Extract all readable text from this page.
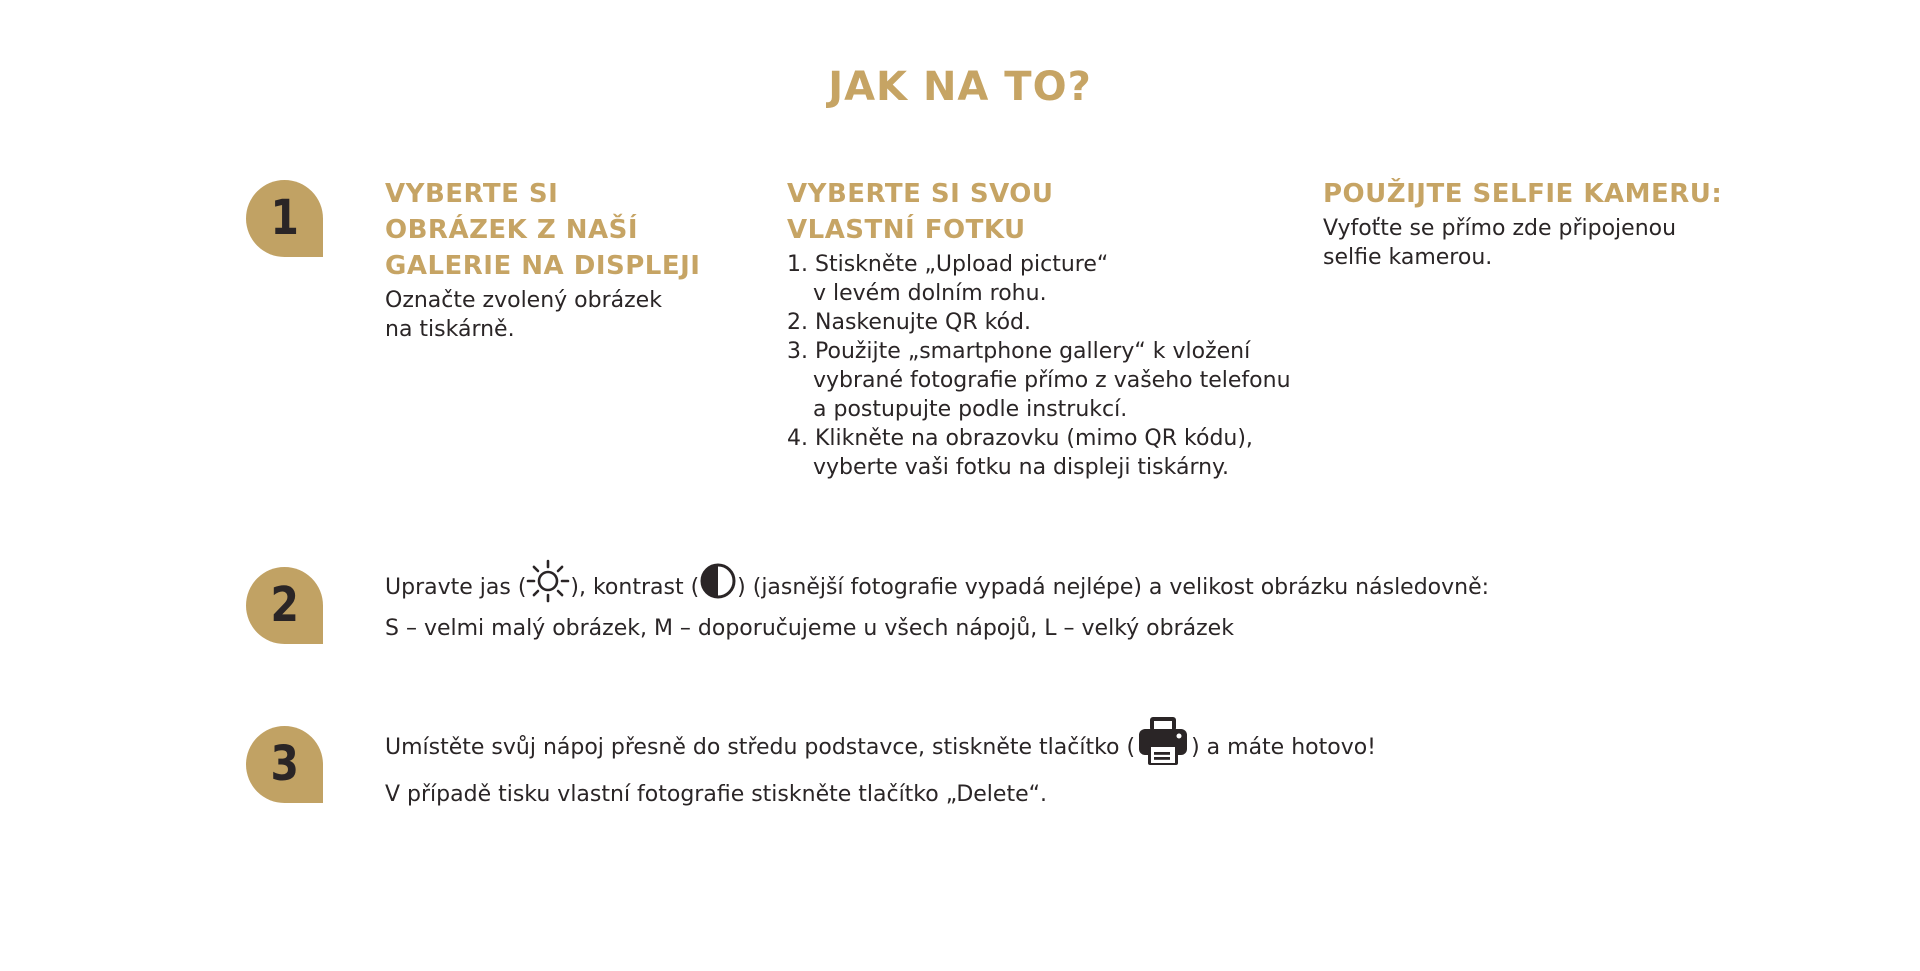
JAK NA TO?
1	VYBERTE SI
OBRÁZEK Z NAŠÍ
GALERIE NA DISPLEJI
Označte zvolený obrázek
na tiskárně.
VYBERTE SI SVOU
VLASTNÍ FOTKU
1. Stiskněte „Upload picture“
v levém dolním rohu.
2. Naskenujte QR kód.
3. Použijte „smartphone gallery“ k vložení
vybrané fotografie přímo z vašeho telefonu
a postupujte podle instrukcí.
4. Klikněte na obrazovku (mimo QR kódu),
vyberte vaši fotku na displeji tiskárny.
POUŽIJTE SELFIE KAMERU:
Vyfoťte se přímo zde připojenou
selfie kamerou.
2	Upravte jas ( ), kontrast ( ) (jasnější fotografie vypadá nejlépe) a velikost obrázku následovně:
S – velmi malý obrázek, M – doporučujeme u všech nápojů, L – velký obrázek
3	Umístěte svůj nápoj přesně do středu podstavce, stiskněte tlačítko (	) a máte hotovo!
V případě tisku vlastní fotografie stiskněte tlačítko „Delete“.
